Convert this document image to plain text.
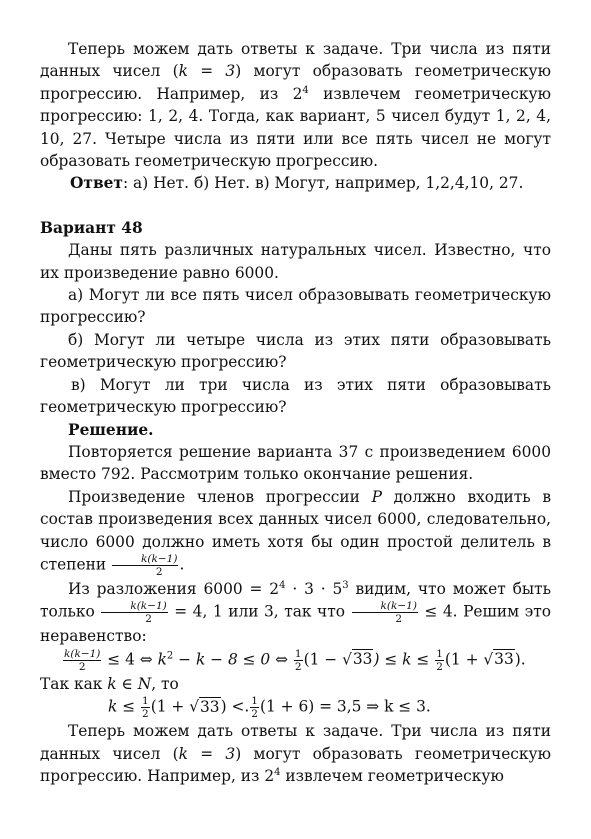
Теперь можем дать ответы к задаче. Три числа из пяти данных чисел (k = 3) могут образовать геометрическую прогрессию. Например, из $2^4$ извлечем геометрическую прогрессию: 1, 2, 4. Тогда, как вариант, 5 чисел будут 1, 2, 4, 10, 27. Четыре числа из пяти или все пять чисел не могут образовать геометрическую прогрессию.

Ответ: а) Нет. б) Нет. в) Могут, например, 1,2,4,10, 27.

Вариант 48

Даны пять различных натуральных чисел. Известно, что их произведение равно 6000.

а) Могут ли все пять чисел образовывать геометрическую прогрессию?

б) Могут ли четыре числа из этих пяти образовывать геометрическую прогрессию?

в) Могут ли три числа из этих пяти образовывать геометрическую прогрессию?

Решение.

Повторяется решение варианта 37 с произведением 6000 вместо 792. Рассмотрим только окончание решения.

Произведение членов прогрессии P должно входить в состав произведения всех данных чисел 6000, следовательно, число 6000 должно иметь хотя бы один простой делитель в степени $\frac{k(k-1)}{2}$ .

Из разложения $6000 = 2^4 \cdot 3 \cdot 5^3$ видим, что может быть только $\frac{k(k-1)}{2} = 4$, 1 или 3, так что $\frac{k(k-1)}{2} \le 4$. Решим это неравенство:

$\frac{k(k-1)}{2} \le 4$ ⇔ $k^2 - k - 8 \le 0$ ⇔ $\frac{1}{2} (1 - √33) \le k \le \frac{1}{2} (1 + √33)$.

Так как k ∈ N, то

$k \le \frac{1}{2} (1 + √33)$ <. $\frac{1}{2} (1 + 6) = 3,5$ ⇒ k ≤ 3.

Теперь можем дать ответы к задаче. Три числа из пяти данных чисел (k = 3) могут образовать геометрическую прогрессию. Например, из $2^4$ извлечем геометрическую
